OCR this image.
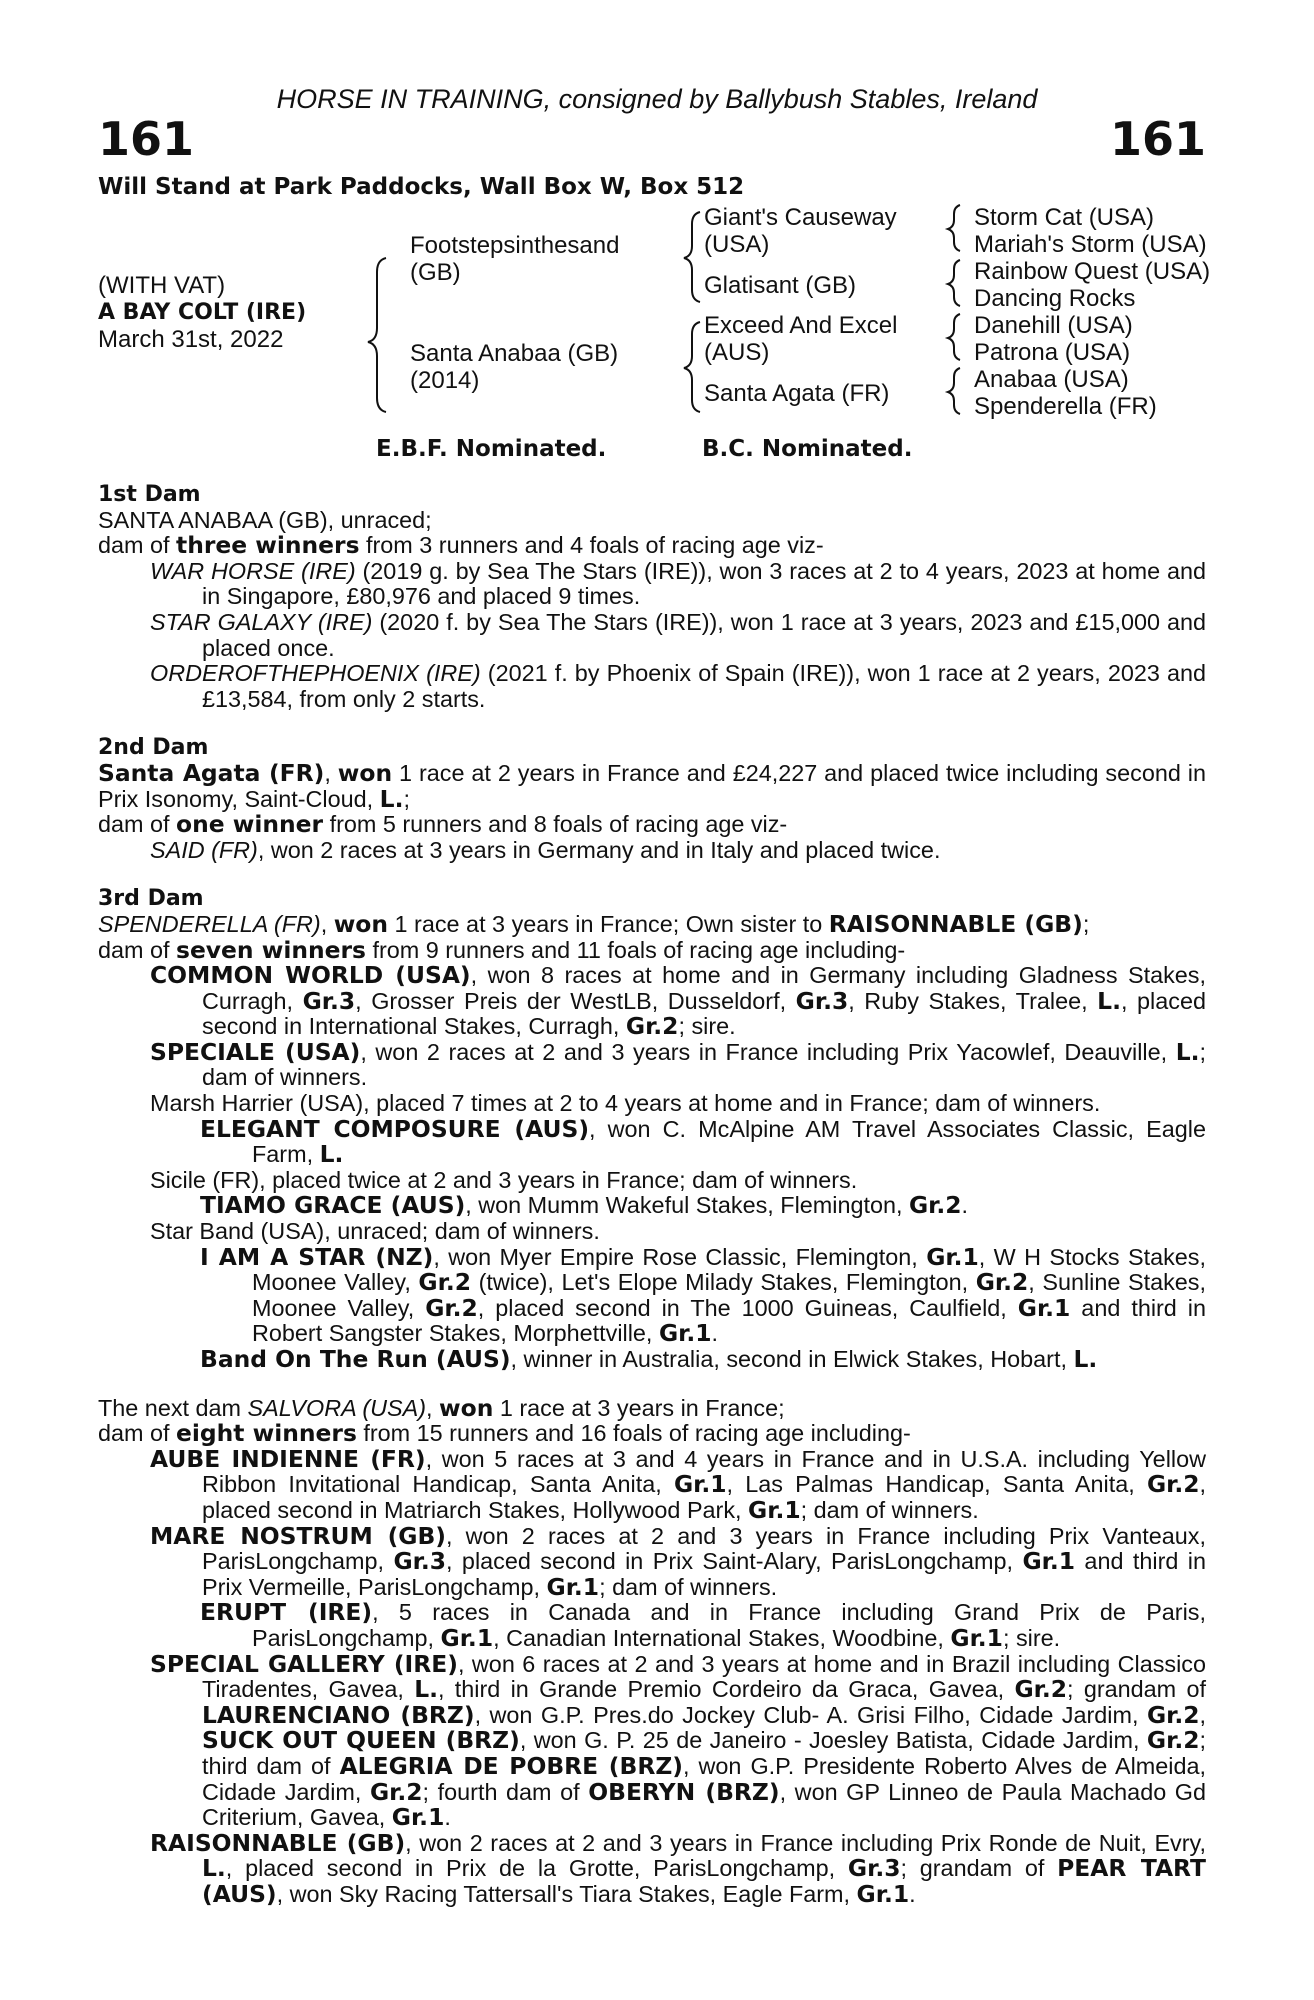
HORSE IN TRAINING, consigned by Ballybush Stables, Ireland
161	161
Will Stand at Park Paddocks, Wall Box W, Box 512
(WITH VAT)
A BAY COLT (IRE)
March 31st, 2022
Footstepsinthesand
(GB)
Santa Anabaa (GB)
(2014)
Giant's Causeway
(USA)
Glatisant (GB)
Exceed And Excel
(AUS)
Santa Agata (FR)
Storm Cat (USA)
Mariah's Storm (USA)
Rainbow Quest (USA)
Dancing Rocks
Danehill (USA)
Patrona (USA)
Anabaa (USA)
Spenderella (FR)
E.B.F. Nominated.	B.C. Nominated.

1st Dam

SANTA ANABAA (GB), unraced;

dam of three winners from 3 runners and 4 foals of racing age viz-

WAR HORSE (IRE) (2019 g. by Sea The Stars (IRE)), won 3 races at 2 to 4 years, 2023 at home and in Singapore, £80,976 and placed 9 times.

STAR GALAXY (IRE) (2020 f. by Sea The Stars (IRE)), won 1 race at 3 years, 2023 and £15,000 and placed once.

ORDEROFTHEPHOENIX (IRE) (2021 f. by Phoenix of Spain (IRE)), won 1 race at 2 years, 2023 and £13,584, from only 2 starts.

2nd Dam

Santa Agata (FR), won 1 race at 2 years in France and £24,227 and placed twice including second in Prix Isonomy, Saint-Cloud, L.;

dam of one winner from 5 runners and 8 foals of racing age viz-

SAID (FR), won 2 races at 3 years in Germany and in Italy and placed twice.

3rd Dam

SPENDERELLA (FR), won 1 race at 3 years in France; Own sister to RAISONNABLE (GB);

dam of seven winners from 9 runners and 11 foals of racing age including-

COMMON WORLD (USA), won 8 races at home and in Germany including Gladness Stakes, Curragh, Gr.3, Grosser Preis der WestLB, Dusseldorf, Gr.3, Ruby Stakes, Tralee, L., placed second in International Stakes, Curragh, Gr.2; sire.

SPECIALE (USA), won 2 races at 2 and 3 years in France including Prix Yacowlef, Deauville, L.; dam of winners.

Marsh Harrier (USA), placed 7 times at 2 to 4 years at home and in France; dam of winners.

ELEGANT COMPOSURE (AUS), won C. McAlpine AM Travel Associates Classic, Eagle Farm, L.

Sicile (FR), placed twice at 2 and 3 years in France; dam of winners.

TIAMO GRACE (AUS), won Mumm Wakeful Stakes, Flemington, Gr.2.

Star Band (USA), unraced; dam of winners.

I AM A STAR (NZ), won Myer Empire Rose Classic, Flemington, Gr.1, W H Stocks Stakes, Moonee Valley, Gr.2 (twice), Let's Elope Milady Stakes, Flemington, Gr.2, Sunline Stakes, Moonee Valley, Gr.2, placed second in The 1000 Guineas, Caulfield, Gr.1 and third in Robert Sangster Stakes, Morphettville, Gr.1.

Band On The Run (AUS), winner in Australia, second in Elwick Stakes, Hobart, L.

The next dam SALVORA (USA), won 1 race at 3 years in France;

dam of eight winners from 15 runners and 16 foals of racing age including-

AUBE INDIENNE (FR), won 5 races at 3 and 4 years in France and in U.S.A. including Yellow Ribbon Invitational Handicap, Santa Anita, Gr.1, Las Palmas Handicap, Santa Anita, Gr.2, placed second in Matriarch Stakes, Hollywood Park, Gr.1; dam of winners.

MARE NOSTRUM (GB), won 2 races at 2 and 3 years in France including Prix Vanteaux, ParisLongchamp, Gr.3, placed second in Prix Saint-Alary, ParisLongchamp, Gr.1 and third in Prix Vermeille, ParisLongchamp, Gr.1; dam of winners.

ERUPT (IRE), 5 races in Canada and in France including Grand Prix de Paris, ParisLongchamp, Gr.1, Canadian International Stakes, Woodbine, Gr.1; sire.

SPECIAL GALLERY (IRE), won 6 races at 2 and 3 years at home and in Brazil including Classico Tiradentes, Gavea, L., third in Grande Premio Cordeiro da Graca, Gavea, Gr.2; grandam of LAURENCIANO (BRZ), won G.P. Pres.do Jockey Club- A. Grisi Filho, Cidade Jardim, Gr.2, SUCK OUT QUEEN (BRZ), won G. P. 25 de Janeiro - Joesley Batista, Cidade Jardim, Gr.2; third dam of ALEGRIA DE POBRE (BRZ), won G.P. Presidente Roberto Alves de Almeida, Cidade Jardim, Gr.2; fourth dam of OBERYN (BRZ), won GP Linneo de Paula Machado Gd Criterium, Gavea, Gr.1.

RAISONNABLE (GB), won 2 races at 2 and 3 years in France including Prix Ronde de Nuit, Evry, L., placed second in Prix de la Grotte, ParisLongchamp, Gr.3; grandam of PEAR TART (AUS), won Sky Racing Tattersall's Tiara Stakes, Eagle Farm, Gr.1.
